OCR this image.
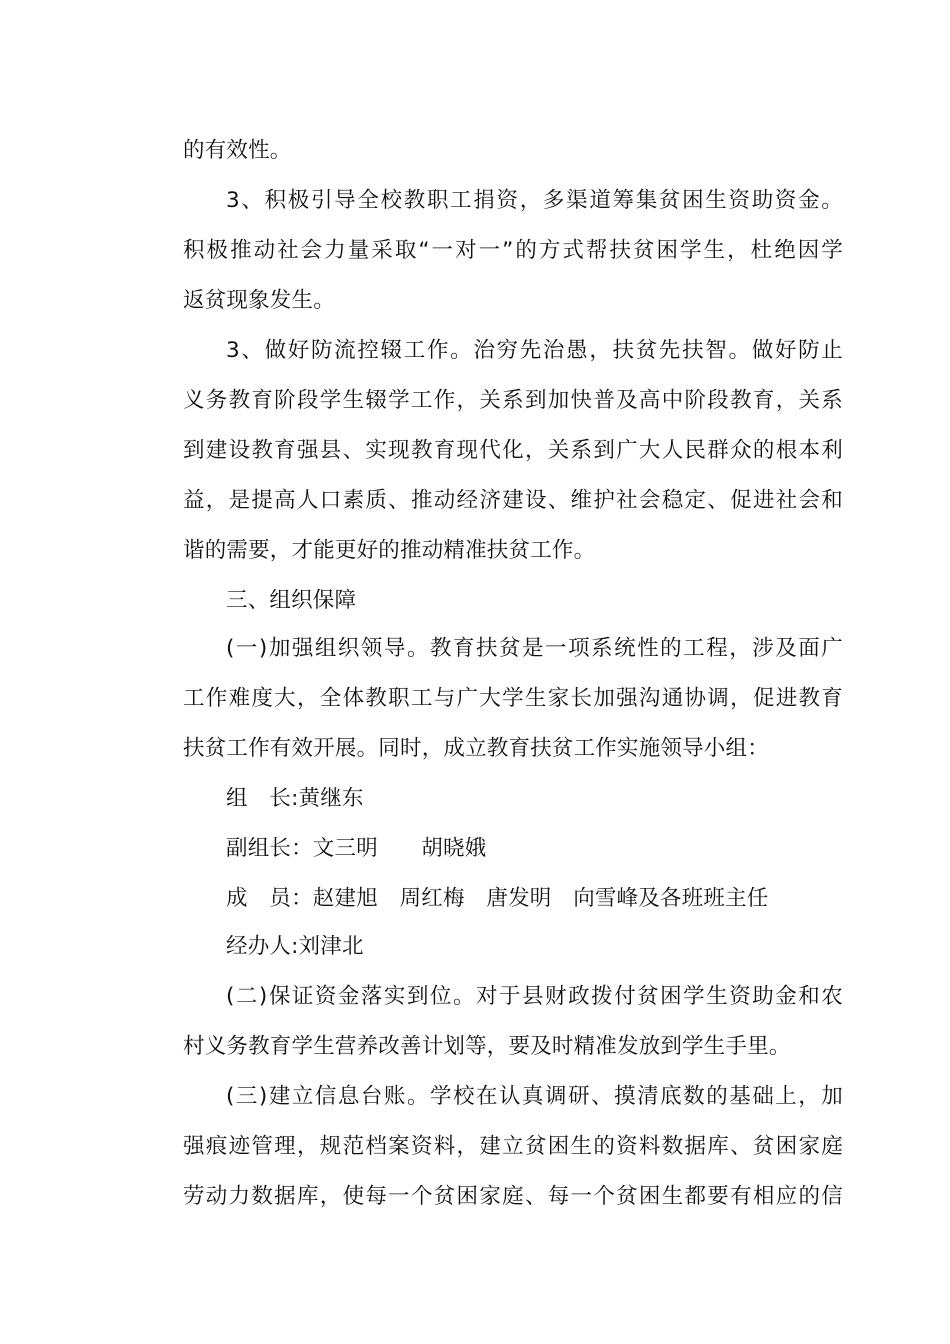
的有效性。
3、积极引导全校教职工捐资，多渠道筹集贫困生资助资金。
积极推动社会力量采取“一对一”的方式帮扶贫困学生，杜绝因学
返贫现象发生。
3、做好防流控辍工作。治穷先治愚，扶贫先扶智。做好防止
义务教育阶段学生辍学工作，关系到加快普及高中阶段教育，关系
到建设教育强县、实现教育现代化，关系到广大人民群众的根本利
益，是提高人口素质、推动经济建设、维护社会稳定、促进社会和
谐的需要，才能更好的推动精准扶贫工作。
三、组织保障
(一)加强组织领导。教育扶贫是一项系统性的工程，涉及面广
工作难度大，全体教职工与广大学生家长加强沟通协调，促进教育
扶贫工作有效开展。同时，成立教育扶贫工作实施领导小组：
组　长:黄继东
副组长：文三明　　胡晓娥
成　员：赵建旭　周红梅　唐发明　向雪峰及各班班主任
经办人:刘津北
(二)保证资金落实到位。对于县财政拨付贫困学生资助金和农
村义务教育学生营养改善计划等，要及时精准发放到学生手里。
(三)建立信息台账。学校在认真调研、摸清底数的基础上，加
强痕迹管理，规范档案资料，建立贫困生的资料数据库、贫困家庭
劳动力数据库，使每一个贫困家庭、每一个贫困生都要有相应的信
